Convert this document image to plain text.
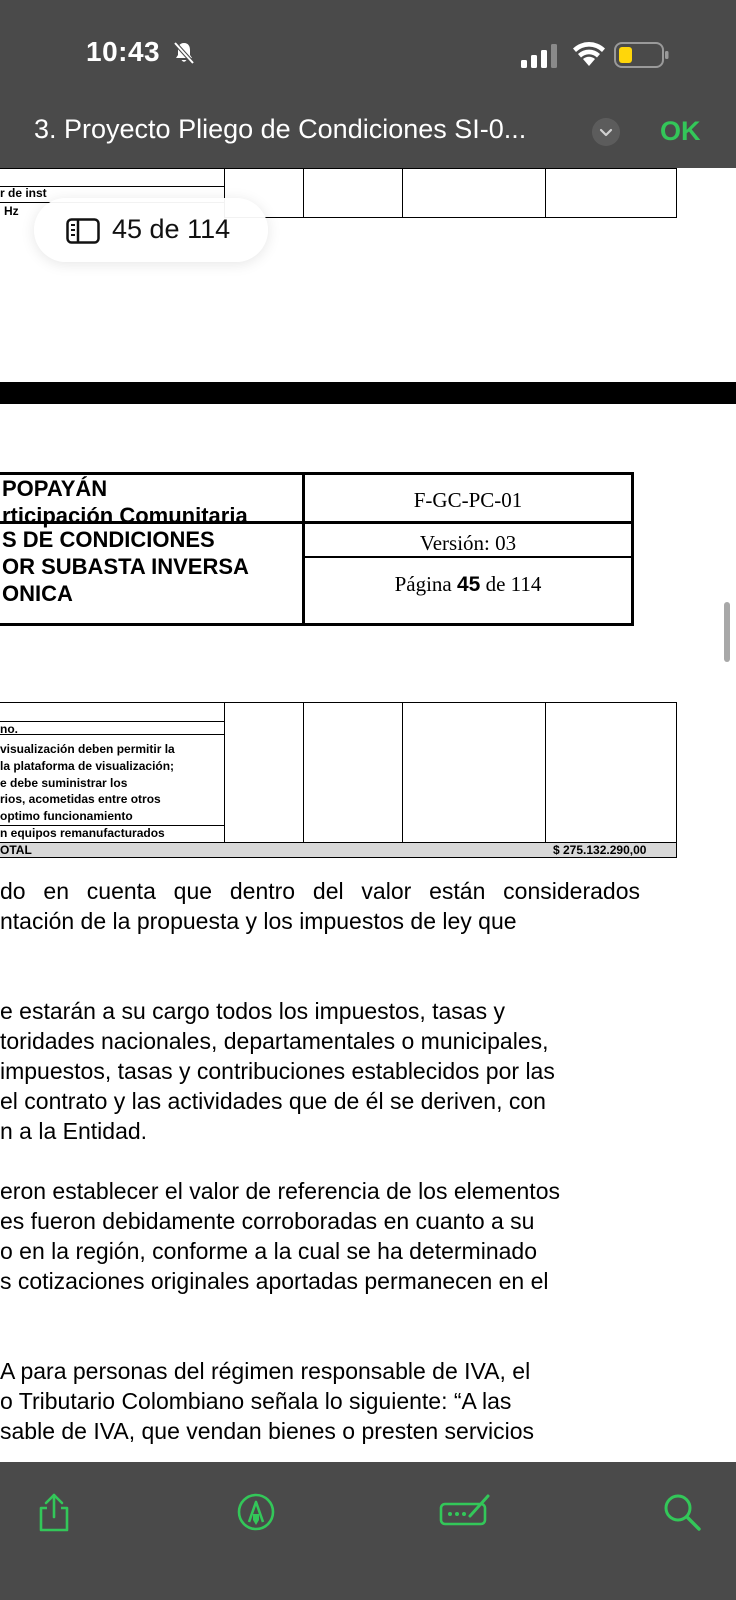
10:43
3. Proyecto Pliego de Condiciones SI-0...	OK
r de inst
Hz
POPAYÁN
rticipación Comunitaria
S DE CONDICIONES
OR SUBASTA INVERSA
ONICA
F-GC-PC-01
Versión: 03
Página 45 de 114
no.
visualización deben permitir la
la plataforma de visualización;
e debe suministrar los
rios, acometidas entre otros
optimo funcionamiento
n equipos remanufacturados
OTAL	$ 275.132.290,00
do en cuenta que dentro del valor están considerados
ntación de la propuesta y los impuestos de ley que
e estarán a su cargo todos los impuestos, tasas y
toridades nacionales, departamentales o municipales,
impuestos, tasas y contribuciones establecidos por las
el contrato y las actividades que de él se deriven, con
n a la Entidad.
eron establecer el valor de referencia de los elementos
es fueron debidamente corroboradas en cuanto a su
o en la región, conforme a la cual se ha determinado
s cotizaciones originales aportadas permanecen en el
A para personas del régimen responsable de IVA, el
o Tributario Colombiano señala lo siguiente: “A las
sable de IVA, que vendan bienes o presten servicios
45 de 114
